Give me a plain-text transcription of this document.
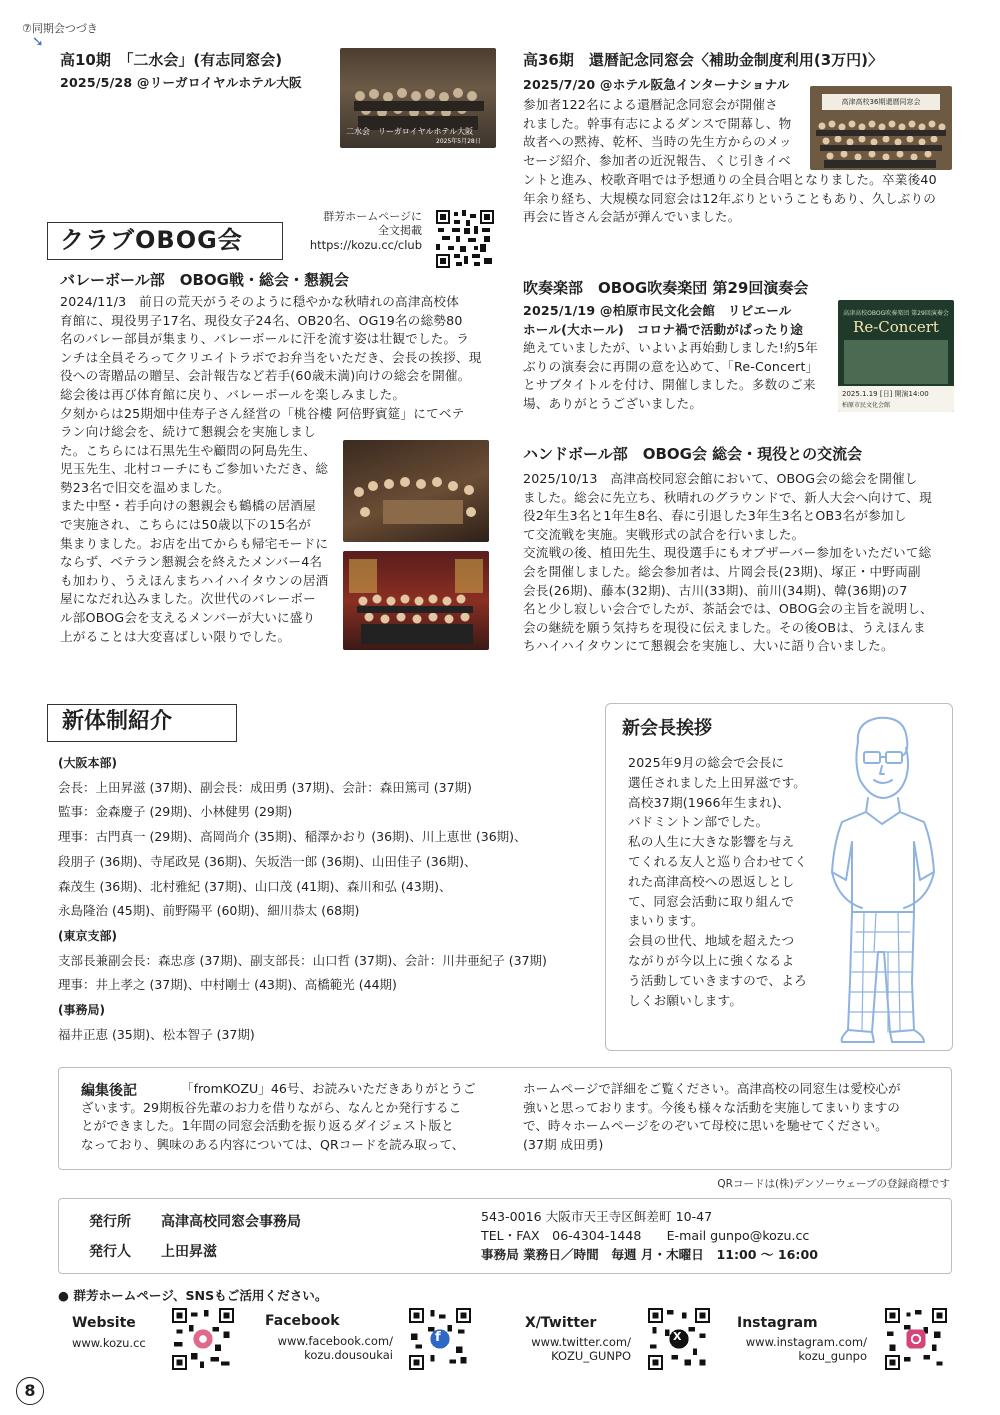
⑦同期会つづき
➘
高10期　「二水会」(有志同窓会)
2025/5/28 @リーガロイヤルホテル大阪
二水会　リーガロイヤルホテル大阪
2025年5月28日
高36期　還暦記念同窓会〈補助金制度利用(3万円)〉
2025/7/20 @ホテル阪急インターナショナル

参加者122名による還暦記念同窓会が開催さ

れました。幹事有志によるダンスで開幕し、物

故者への黙祷、乾杯、当時の先生方からのメッ

セージ紹介、参加者の近況報告、くじ引きイベ

ントと進み、校歌斉唱では予想通りの全員合唱となりました。卒業後40

年余り経ち、大規模な同窓会は12年ぶりということもあり、久しぶりの

再会に皆さん会話が弾んでいました。

高津高校36期還暦同窓会
クラブOBOG会

群芳ホームページに

全文掲載

https://kozu.cc/club

バレーボール部　OBOG戦・総会・懇親会

2024/11/3　前日の荒天がうそのように穏やかな秋晴れの高津高校体

育館に、現役男子17名、現役女子24名、OB20名、OG19名の総勢80

名のバレー部員が集まり、バレーボールに汗を流す姿は壮観でした。ラ

ンチは全員そろってクリエイトラボでお弁当をいただき、会長の挨拶、現

役への寄贈品の贈呈、会計報告など若手(60歳未満)向けの総会を開催。

総会後は再び体育館に戻り、バレーボールを楽しみました。

夕刻からは25期畑中佳寿子さん経営の「桃谷樓 阿倍野賓筵」にてベテ

ラン向け総会を、続けて懇親会を実施しまし

た。こちらには石黒先生や顧問の阿島先生、

児玉先生、北村コーチにもご参加いただき、総

勢23名で旧交を温めました。

また中堅・若手向けの懇親会も鶴橋の居酒屋

で実施され、こちらには50歳以下の15名が

集まりました。お店を出てからも帰宅モードに

ならず、ベテラン懇親会を終えたメンバー4名

も加わり、うえほんまちハイハイタウンの居酒

屋になだれ込みました。次世代のバレーボー

ル部OBOG会を支えるメンバーが大いに盛り

上がることは大変喜ばしい限りでした。

吹奏楽部　OBOG吹奏楽団 第29回演奏会

2025/1/19 @柏原市民文化会館　リビエール

ホール(大ホール)　コロナ禍で活動がぱったり途

絶えていましたが、いよいよ再始動しました!約5年

ぶりの演奏会に再開の意を込めて、「Re-Concert」

とサブタイトルを付け、開催しました。多数のご来

場、ありがとうございました。

高津高校OBOG吹奏楽団 第29回演奏会
Re-Concert
2025.1.19 [日] 開演14:00
柏原市民文化会館
ハンドボール部　OBOG会 総会・現役との交流会

2025/10/13　高津高校同窓会館において、OBOG会の総会を開催し

ました。総会に先立ち、秋晴れのグラウンドで、新人大会へ向けて、現

役2年生3名と1年生8名、春に引退した3年生3名とOB3名が参加し

て交流戦を実施。実戦形式の試合を行いました。

交流戦の後、植田先生、現役選手にもオブザーバー参加をいただいて総

会を開催しました。総会参加者は、片岡会長(23期)、塚正・中野両副

会長(26期)、藤本(32期)、古川(33期)、前川(34期)、韓(36期)の7

名と少し寂しい会合でしたが、茶話会では、OBOG会の主旨を説明し、

会の継続を願う気持ちを現役に伝えました。その後OBは、うえほんま

ちハイハイタウンにて懇親会を実施し、大いに語り合いました。

新体制紹介

(大阪本部)

会長：上田昇滋 (37期)、副会長：成田勇 (37期)、会計：森田篤司 (37期)

監事：金森慶子 (29期)、小林健男 (29期)

理事：古門真一 (29期)、高岡尚介 (35期)、稲澤かおり (36期)、川上恵世 (36期)、

段朋子 (36期)、寺尾政晃 (36期)、矢坂浩一郎 (36期)、山田佳子 (36期)、

森茂生 (36期)、北村雅紀 (37期)、山口茂 (41期)、森川和弘 (43期)、

永島隆治 (45期)、前野陽平 (60期)、細川恭太 (68期)

(東京支部)

支部長兼副会長：森忠彦 (37期)、副支部長：山口哲 (37期)、会計：川井亜紀子 (37期)

理事：井上孝之 (37期)、中村剛士 (43期)、高橋範光 (44期)

(事務局)

福井正恵 (35期)、松本智子 (37期)

新会長挨拶

2025年9月の総会で会長に

選任されました上田昇滋です。

高校37期(1966年生まれ)、

バドミントン部でした。

私の人生に大きな影響を与え

てくれる友人と巡り合わせてく

れた高津高校への恩返しとし

て、同窓会活動に取り組んで

まいります。

会員の世代、地域を超えたつ

ながりが今以上に強くなるよ

う活動していきますので、よろ

しくお願いします。

編集後記	「fromKOZU」46号、お読みいただきありがとうご

ざいます。29期板谷先輩のお力を借りながら、なんとか発行するこ

とができました。1年間の同窓会活動を振り返るダイジェスト版と

なっており、興味のある内容については、QRコードを読み取って、

ホームページで詳細をご覧ください。高津高校の同窓生は愛校心が

強いと思っております。今後も様々な活動を実施してまいりますの

で、時々ホームページをのぞいて母校に思いを馳せてください。

(37期 成田勇)

QRコードは(株)デンソーウェーブの登録商標です
発行所 高津高校同窓会事務局
発行人 上田昇滋

543-0016 大阪市天王寺区餌差町 10-47

TEL・FAX　06-4304-1448　　E-mail gunpo@kozu.cc

事務局 業務日／時間　毎週 月・木曜日　11:00 ～ 16:00

● 群芳ホームページ、SNSもご活用ください。
Website
www.kozu.cc
Facebook

www.facebook.com/

kozu.dousoukai

X/Twitter

www.twitter.com/

KOZU_GUNPO

Instagram

www.instagram.com/

kozu_gunpo

f	X
8
